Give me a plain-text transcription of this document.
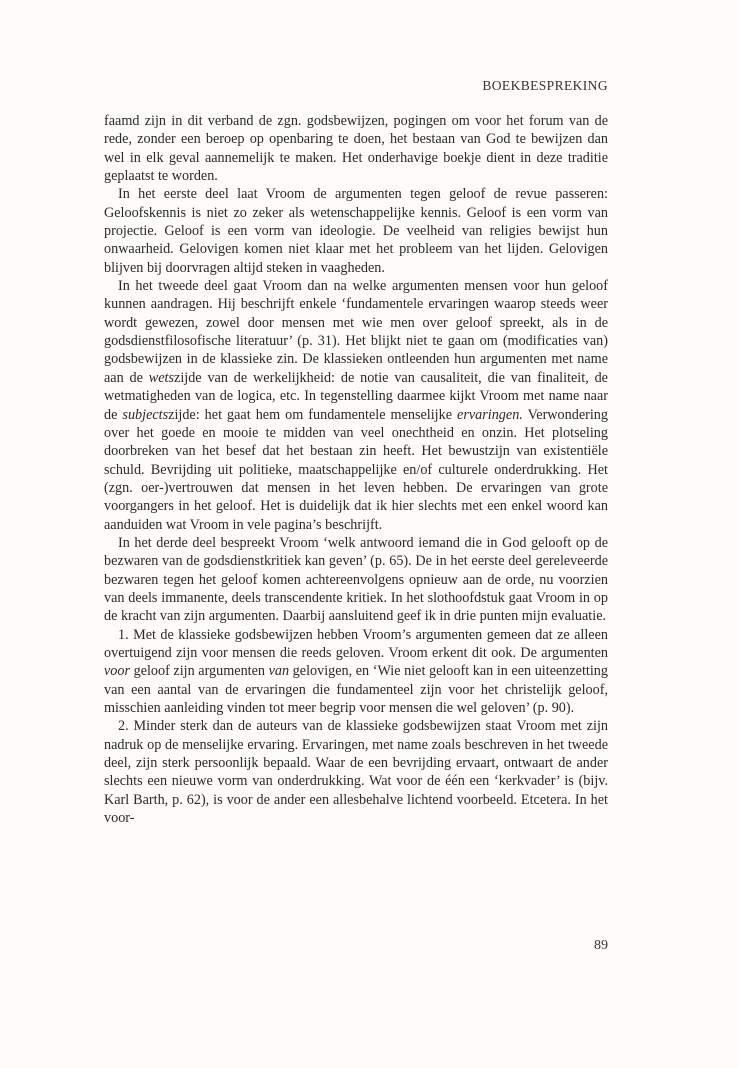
BOEKBESPREKING

faamd zijn in dit verband de zgn. godsbewijzen, pogingen om voor het forum van de rede, zonder een beroep op openbaring te doen, het bestaan van God te bewijzen dan wel in elk geval aannemelijk te maken. Het onderhavige boekje dient in deze traditie geplaatst te worden.

In het eerste deel laat Vroom de argumenten tegen geloof de revue passeren: Geloofskennis is niet zo zeker als wetenschappelijke kennis. Geloof is een vorm van projectie. Geloof is een vorm van ideologie. De veelheid van religies bewijst hun onwaarheid. Gelovigen komen niet klaar met het probleem van het lijden. Gelovigen blijven bij doorvragen altijd steken in vaagheden.

In het tweede deel gaat Vroom dan na welke argumenten mensen voor hun geloof kunnen aandragen. Hij beschrijft enkele ‘fundamentele ervaringen waarop steeds weer wordt gewezen, zowel door mensen met wie men over geloof spreekt, als in de godsdienstfilosofische literatuur’ (p. 31). Het blijkt niet te gaan om (modificaties van) godsbewijzen in de klassieke zin. De klassieken ontleenden hun argumenten met name aan de wetszijde van de werkelijkheid: de notie van causaliteit, die van finaliteit, de wetmatigheden van de logica, etc. In tegenstelling daarmee kijkt Vroom met name naar de subjectszijde: het gaat hem om fundamentele menselijke ervaringen. Verwondering over het goede en mooie te midden van veel onechtheid en onzin. Het plotseling doorbreken van het besef dat het bestaan zin heeft. Het bewustzijn van existentiële schuld. Bevrijding uit politieke, maatschappelijke en/of culturele onderdrukking. Het (zgn. oer-)vertrouwen dat mensen in het leven hebben. De ervaringen van grote voorgangers in het geloof. Het is duidelijk dat ik hier slechts met een enkel woord kan aanduiden wat Vroom in vele pagina’s beschrijft.

In het derde deel bespreekt Vroom ‘welk antwoord iemand die in God gelooft op de bezwaren van de godsdienstkritiek kan geven’ (p. 65). De in het eerste deel gereleveerde bezwaren tegen het geloof komen achtereenvolgens opnieuw aan de orde, nu voorzien van deels immanente, deels transcendente kritiek. In het slothoofdstuk gaat Vroom in op de kracht van zijn argumenten. Daarbij aansluitend geef ik in drie punten mijn evaluatie.

1. Met de klassieke godsbewijzen hebben Vroom’s argumenten gemeen dat ze alleen overtuigend zijn voor mensen die reeds geloven. Vroom erkent dit ook. De argumenten voor geloof zijn argumenten van gelovigen, en ‘Wie niet gelooft kan in een uiteenzetting van een aantal van de ervaringen die fundamenteel zijn voor het christelijk geloof, misschien aanleiding vinden tot meer begrip voor mensen die wel geloven’ (p. 90).

2. Minder sterk dan de auteurs van de klassieke godsbewijzen staat Vroom met zijn nadruk op de menselijke ervaring. Ervaringen, met name zoals beschreven in het tweede deel, zijn sterk persoonlijk bepaald. Waar de een bevrijding ervaart, ontwaart de ander slechts een nieuwe vorm van onderdrukking. Wat voor de één een ‘kerkvader’ is (bijv. Karl Barth, p. 62), is voor de ander een allesbehalve lichtend voorbeeld. Etcetera. In het voor-

89
